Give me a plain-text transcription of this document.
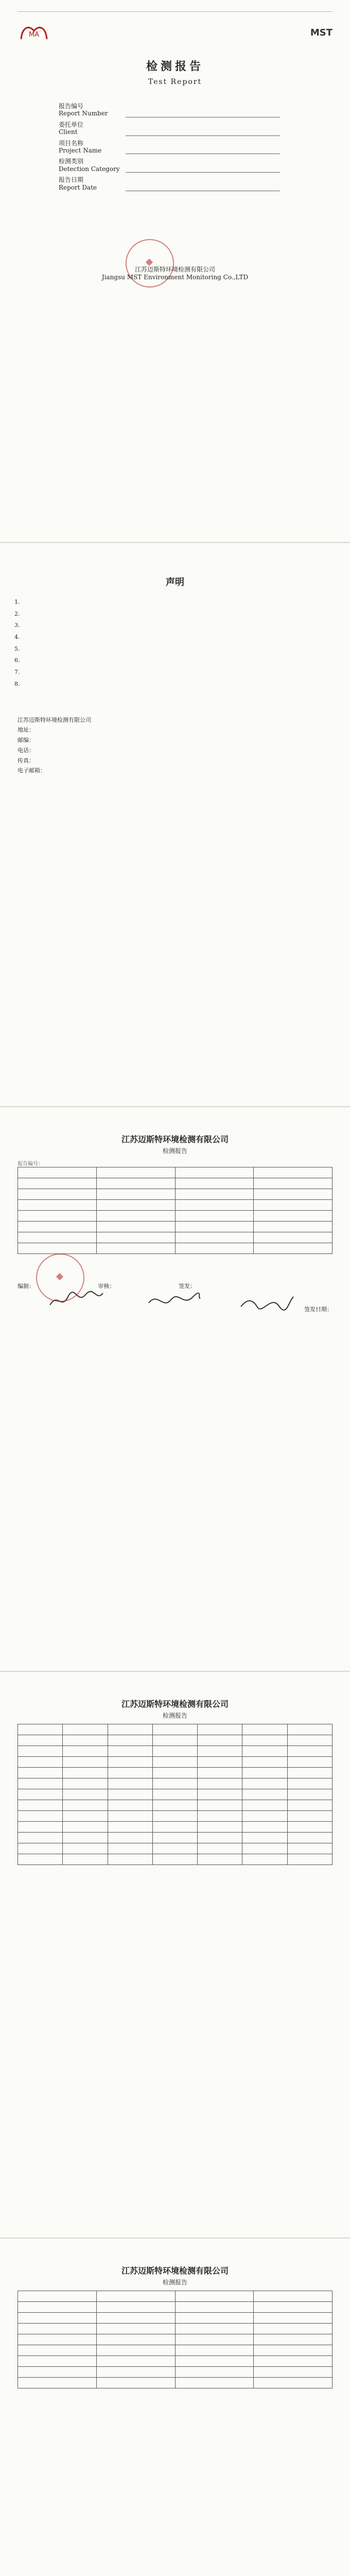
MA	MST
检测报告
Test Report
报告编号
Report Number
委托单位
Client
项目名称
Project Name
检测类别
Detection Category
报告日期
Report Date
江苏迈斯特环境检测有限公司
Jiangsu MST Environment Monitoring Co.,LTD
声明
1.
2.
3.
4.
5.
6.
7.
8.
江苏迈斯特环境检测有限公司
地址：
邮编：
电话：
传真：
电子邮箱：
江苏迈斯特环境检测有限公司
检测报告
报告编号：

编制：	审核：	签发：
签发日期：
江苏迈斯特环境检测有限公司
检测报告

江苏迈斯特环境检测有限公司
检测报告
